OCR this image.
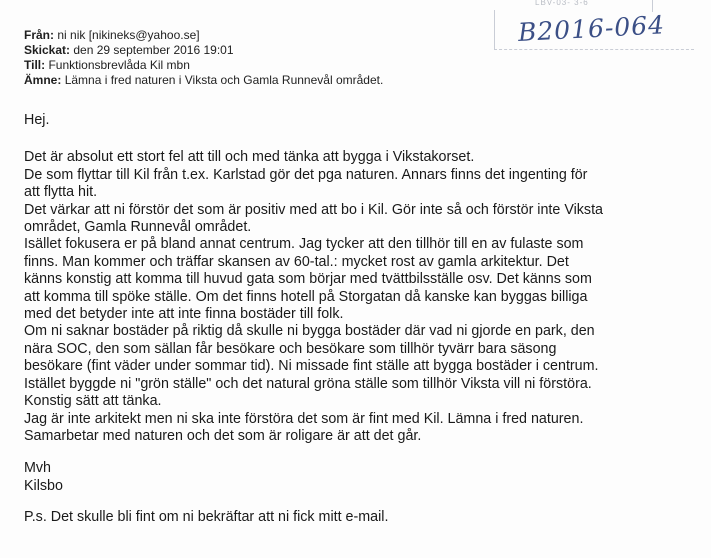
LBV-03- 3-6
B2016-064
Från: ni nik [nikineks@yahoo.se]
Skickat: den 29 september 2016 19:01
Till: Funktionsbrevlåda Kil mbn
Ämne: Lämna i fred naturen i Viksta och Gamla Runnevål området.

Hej.

Det är absolut ett stort fel att till och med tänka att bygga i Vikstakorset.

De som flyttar till Kil från t.ex. Karlstad gör det pga naturen. Annars finns det ingenting för

att flytta hit.

Det värkar att ni förstör det som är positiv med att bo i Kil. Gör inte så och förstör inte Viksta

området, Gamla Runnevål området.

Isället fokusera er på bland annat centrum. Jag tycker att den tillhör till en av fulaste som

finns. Man kommer och träffar skansen av 60-tal.: mycket rost av gamla arkitektur. Det

känns konstig att komma till huvud gata som börjar med tvättbilsställe osv. Det känns som

att komma till spöke ställe. Om det finns hotell på Storgatan då kanske kan byggas billiga

med det betyder inte att inte finna bostäder till folk.

Om ni saknar bostäder på riktig då skulle ni bygga bostäder där vad ni gjorde en park, den

nära SOC, den som sällan får besökare och besökare som tillhör tyvärr bara säsong

besökare (fint väder under sommar tid). Ni missade fint ställe att bygga bostäder i centrum.

Istället byggde ni "grön ställe" och det natural gröna ställe som tillhör Viksta vill ni förstöra.

Konstig sätt att tänka.

Jag är inte arkitekt men ni ska inte förstöra det som är fint med Kil. Lämna i fred naturen.

Samarbetar med naturen och det som är roligare är att det går.

Mvh

Kilsbo

P.s. Det skulle bli fint om ni bekräftar att ni fick mitt e-mail.
